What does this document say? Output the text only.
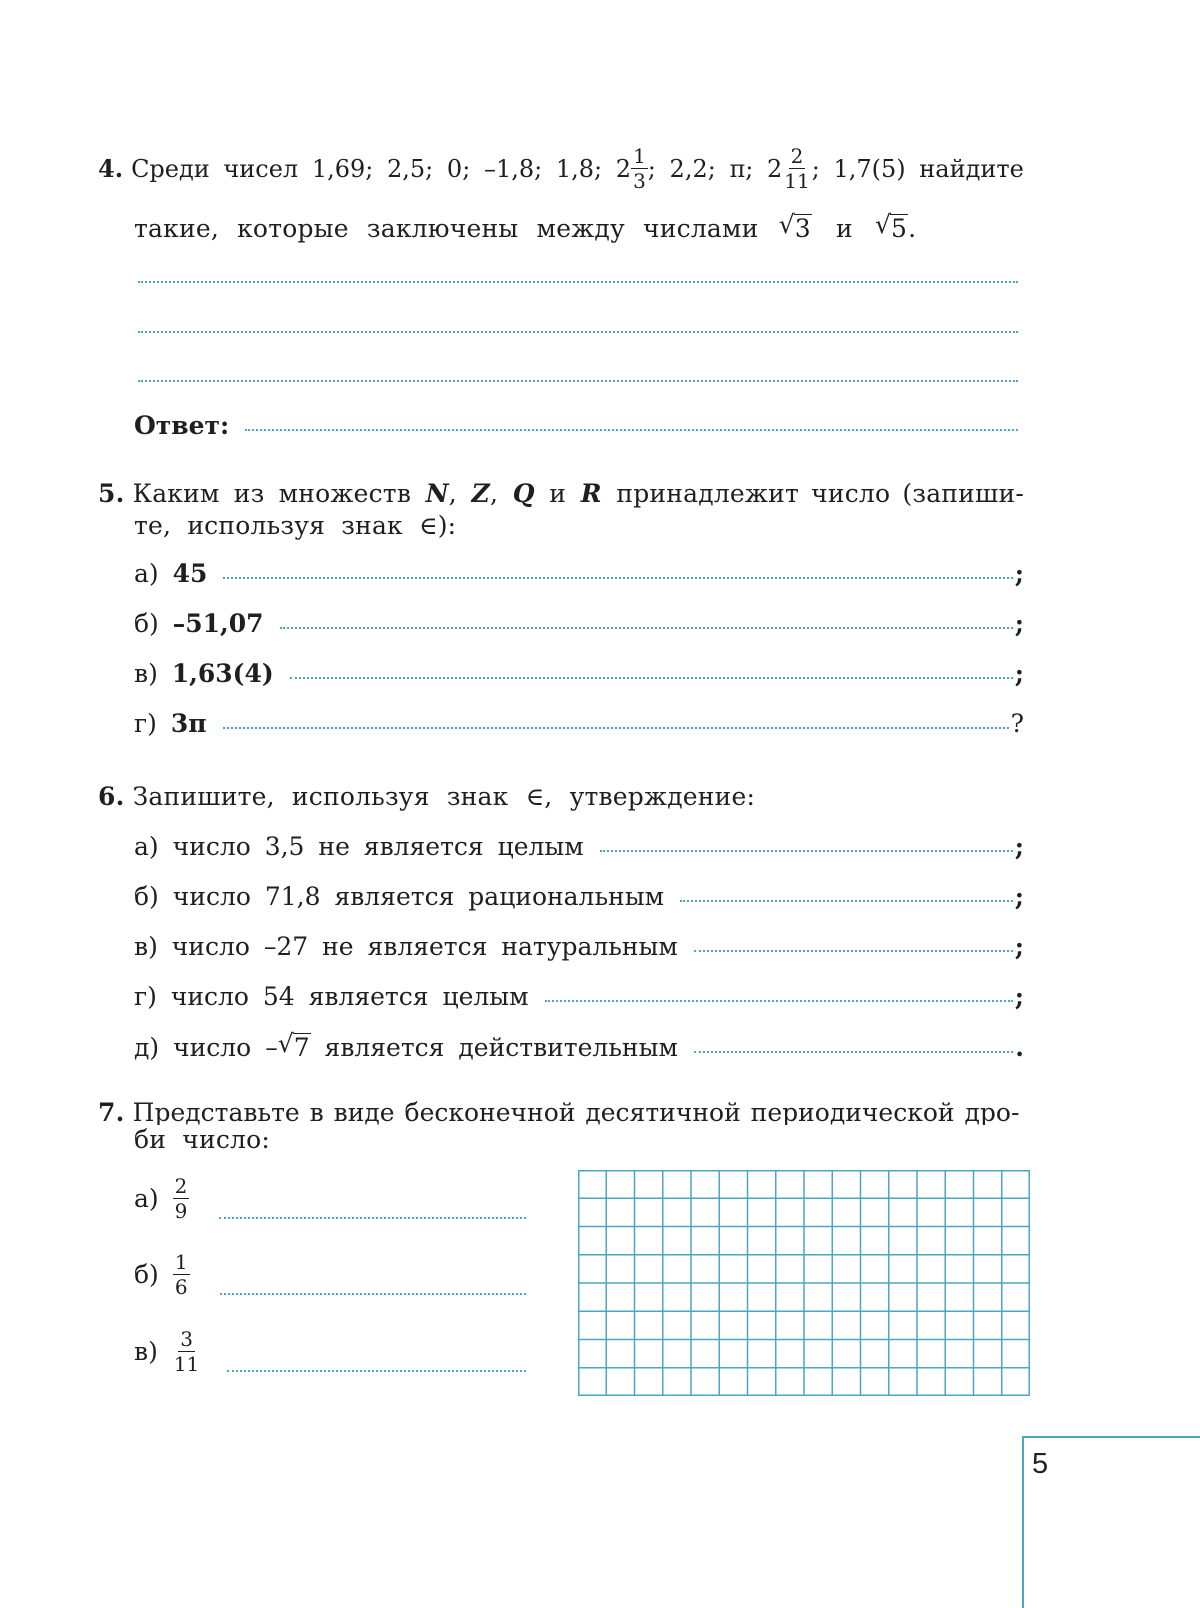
4. Среди чисел 1,69; 2,5; 0; –1,8; 1,8; $2 \frac{1}{3}$ ; 2,2; π; $2 \frac{2}{11}$ ; 1,7(5) найдите
такие, которые заключены между числами √ 3 и √ 5.
Ответ:
5. Каким из множеств N, Z, Q и R принадлежит число (запиши-
те, используя знак ∈):
а) 45	;
б) –51,07	;
в) 1,63(4)	;
г) 3π	?
6. Запишите, используя знак ∈, утверждение:
а) число 3,5 не является целым	;
б) число 71,8 является рациональным	;
в) число –27 не является натуральным	;
г) число 54 является целым	;
д) число – √ 7 является действительным	.
7. Представьте в виде бесконечной десятичной периодической дро-
би число:
$а) \frac{2}{9}$
$б) \frac{1}{6}$
$в) \frac{3}{11}$
5
